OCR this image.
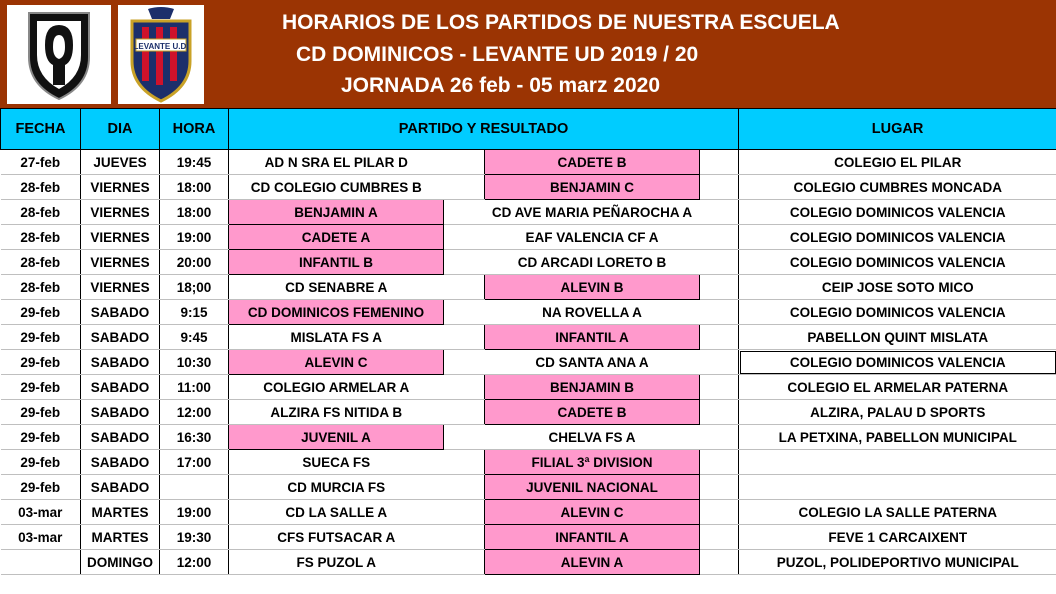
LEVANTE U.D.
HORARIOS DE LOS PARTIDOS DE NUESTRA ESCUELA
CD DOMINICOS - LEVANTE UD 2019 / 20
JORNADA 26 feb - 05 marz 2020
FECHA	DIA	HORA	PARTIDO Y RESULTADO				LUGAR
27-feb	JUEVES	19:45	AD N SRA EL PILAR D		CADETE B		COLEGIO EL PILAR
28-feb	VIERNES	18:00	CD COLEGIO CUMBRES B		BENJAMIN C		COLEGIO CUMBRES MONCADA
28-feb	VIERNES	18:00	BENJAMIN A		CD AVE MARIA PEÑAROCHA A		COLEGIO DOMINICOS VALENCIA
28-feb	VIERNES	19:00	CADETE A		EAF VALENCIA CF A		COLEGIO DOMINICOS VALENCIA
28-feb	VIERNES	20:00	INFANTIL B		CD ARCADI LORETO B		COLEGIO DOMINICOS VALENCIA
28-feb	VIERNES	18;00	CD SENABRE A		ALEVIN B		CEIP JOSE SOTO MICO
29-feb	SABADO	9:15	CD DOMINICOS FEMENINO		NA ROVELLA A		COLEGIO DOMINICOS VALENCIA
29-feb	SABADO	9:45	MISLATA FS A		INFANTIL A		PABELLON QUINT MISLATA
29-feb	SABADO	10:30	ALEVIN C		CD SANTA ANA A		COLEGIO DOMINICOS VALENCIA
29-feb	SABADO	11:00	COLEGIO ARMELAR A		BENJAMIN B		COLEGIO EL ARMELAR PATERNA
29-feb	SABADO	12:00	ALZIRA FS NITIDA B		CADETE B		ALZIRA, PALAU D SPORTS
29-feb	SABADO	16:30	JUVENIL A		CHELVA FS A		LA PETXINA, PABELLON MUNICIPAL
29-feb	SABADO	17:00	SUECA FS		FILIAL 3ª DIVISION		
29-feb	SABADO		CD MURCIA FS		JUVENIL NACIONAL		
03-mar	MARTES	19:00	CD LA SALLE A		ALEVIN C		COLEGIO LA SALLE PATERNA
03-mar	MARTES	19:30	CFS FUTSACAR A		INFANTIL A		FEVE 1 CARCAIXENT
	DOMINGO	12:00	FS PUZOL A		ALEVIN A		PUZOL, POLIDEPORTIVO MUNICIPAL
